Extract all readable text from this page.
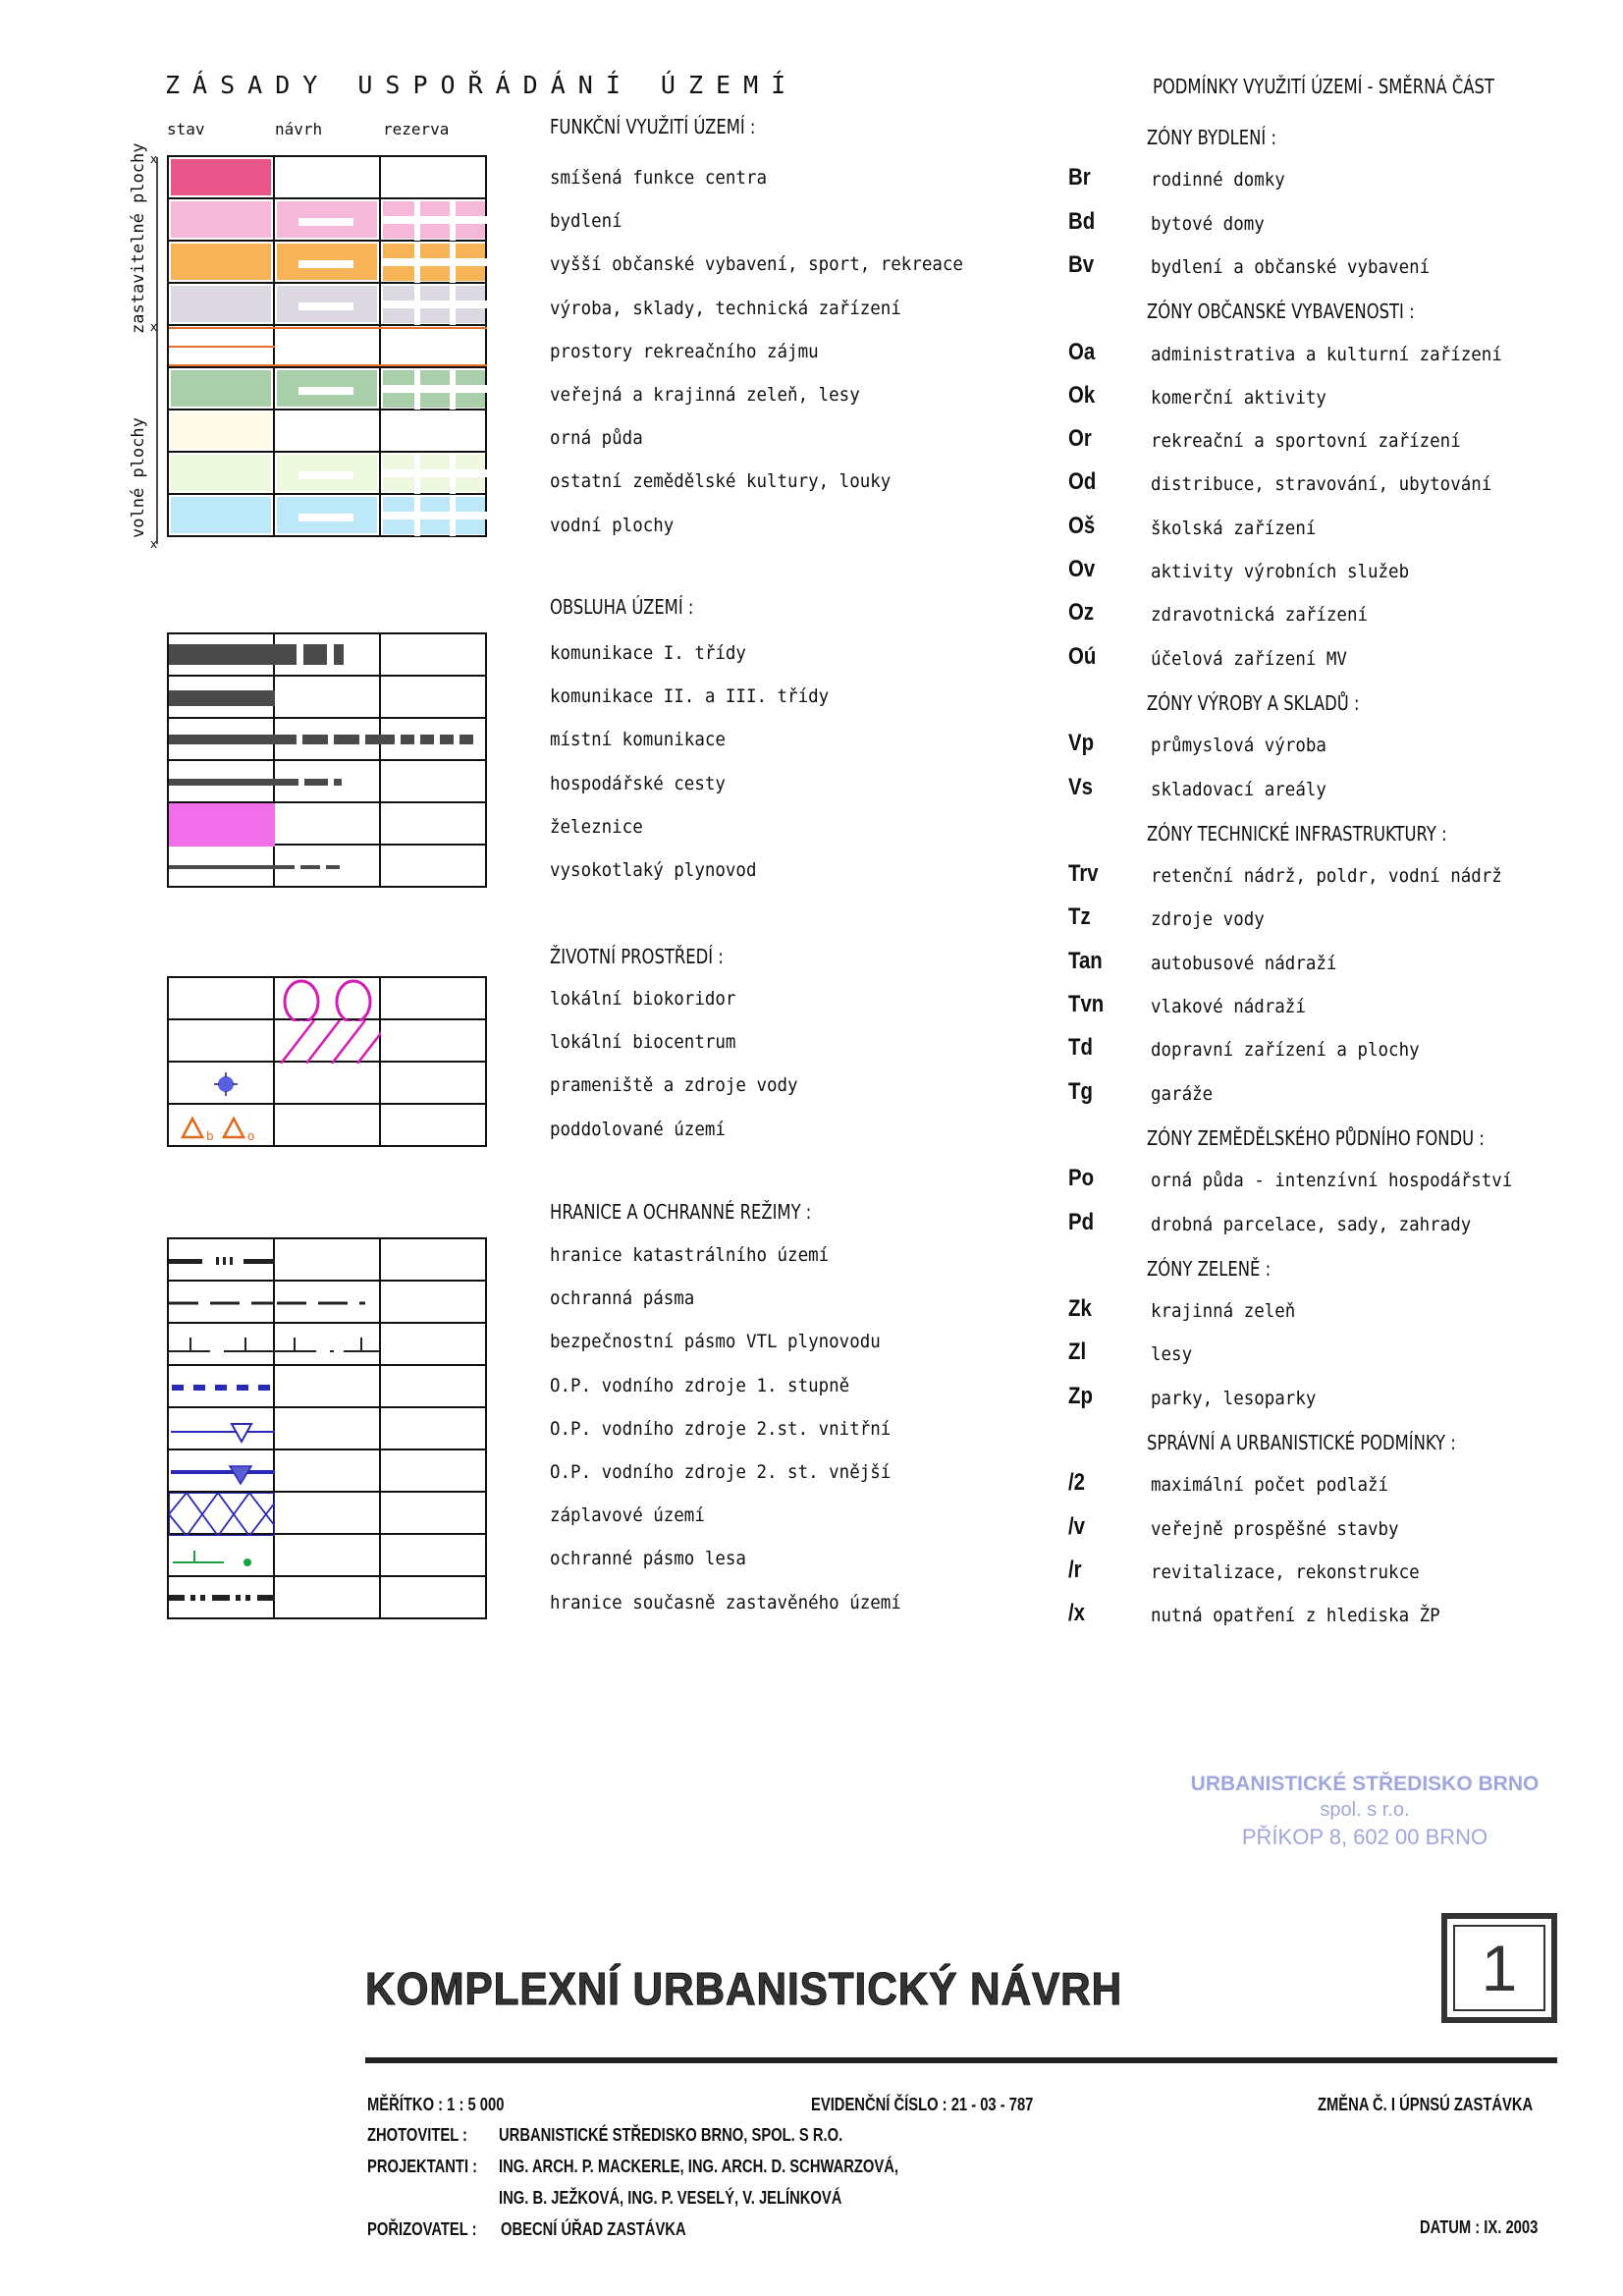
ZÁSADY USPOŘÁDÁNÍ ÚZEMÍ
stav	návrh	rezerva
x
x
x
zastavitelné plochy
volné plochy
FUNKČNÍ VYUŽITÍ ÚZEMÍ :

smíšená funkce centra
bydlení
vyšší občanské vybavení, sport, rekreace
výroba, sklady, technická zařízení
prostory rekreačního zájmu
veřejná a krajinná zeleň, lesy
orná půda
ostatní zemědělské kultury, louky
vodní plochy
OBSLUHA ÚZEMÍ :

komunikace I. třídy
komunikace II. a III. třídy
místní komunikace
hospodářské cesty
železnice
vysokotlaký plynovod
ŽIVOTNÍ PROSTŘEDÍ :

b o		

lokální biokoridor
lokální biocentrum
prameniště a zdroje vody
poddolované území
HRANICE A OCHRANNÉ REŽIMY :

hranice katastrálního území
ochranná pásma
bezpečnostní pásmo VTL plynovodu
O.P. vodního zdroje 1. stupně
O.P. vodního zdroje 2.st. vnitřní
O.P. vodního zdroje 2. st. vnější
záplavové území
ochranné pásmo lesa
hranice současně zastavěného území
PODMÍNKY VYUŽITÍ ÚZEMÍ - SMĚRNÁ ČÁST
ZÓNY BYDLENÍ :
Br	rodinné domky
Bd	bytové domy
Bv	bydlení a občanské vybavení
ZÓNY OBČANSKÉ VYBAVENOSTI :
Oa	administrativa a kulturní zařízení
Ok	komerční aktivity
Or	rekreační a sportovní zařízení
Od	distribuce, stravování, ubytování
Oš	školská zařízení
Ov	aktivity výrobních služeb
Oz	zdravotnická zařízení
Oú	účelová zařízení MV
ZÓNY VÝROBY A SKLADŮ :
Vp	průmyslová výroba
Vs	skladovací areály
ZÓNY TECHNICKÉ INFRASTRUKTURY :
Trv	retenční nádrž, poldr, vodní nádrž
Tz	zdroje vody
Tan	autobusové nádraží
Tvn	vlakové nádraží
Td	dopravní zařízení a plochy
Tg	garáže
ZÓNY ZEMĚDĚLSKÉHO PŮDNÍHO FONDU :
Po	orná půda - intenzívní hospodářství
Pd	drobná parcelace, sady, zahrady
ZÓNY ZELENĚ :
Zk	krajinná zeleň
Zl	lesy
Zp	parky, lesoparky
SPRÁVNÍ A URBANISTICKÉ PODMÍNKY :
/2	maximální počet podlaží
/v	veřejně prospěšné stavby
/r	revitalizace, rekonstrukce
/x	nutná opatření z hlediska ŽP
URBANISTICKÉ STŘEDISKO BRNO
spol. s r.o.
PŘÍKOP 8, 602 00 BRNO
KOMPLEXNÍ URBANISTICKÝ NÁVRH	1
MĚŘÍTKO : 1 : 5 000	EVIDENČNÍ ČÍSLO : 21 - 03 - 787	ZMĚNA Č. I ÚPNSÚ ZASTÁVKA
ZHOTOVITEL : URBANISTICKÉ STŘEDISKO BRNO, SPOL. S R.O.
PROJEKTANTI : ING. ARCH. P. MACKERLE, ING. ARCH. D. SCHWARZOVÁ,
ING. B. JEŽKOVÁ, ING. P. VESELÝ, V. JELÍNKOVÁ
POŘIZOVATEL : OBECNÍ ÚŘAD ZASTÁVKA	DATUM : IX. 2003
